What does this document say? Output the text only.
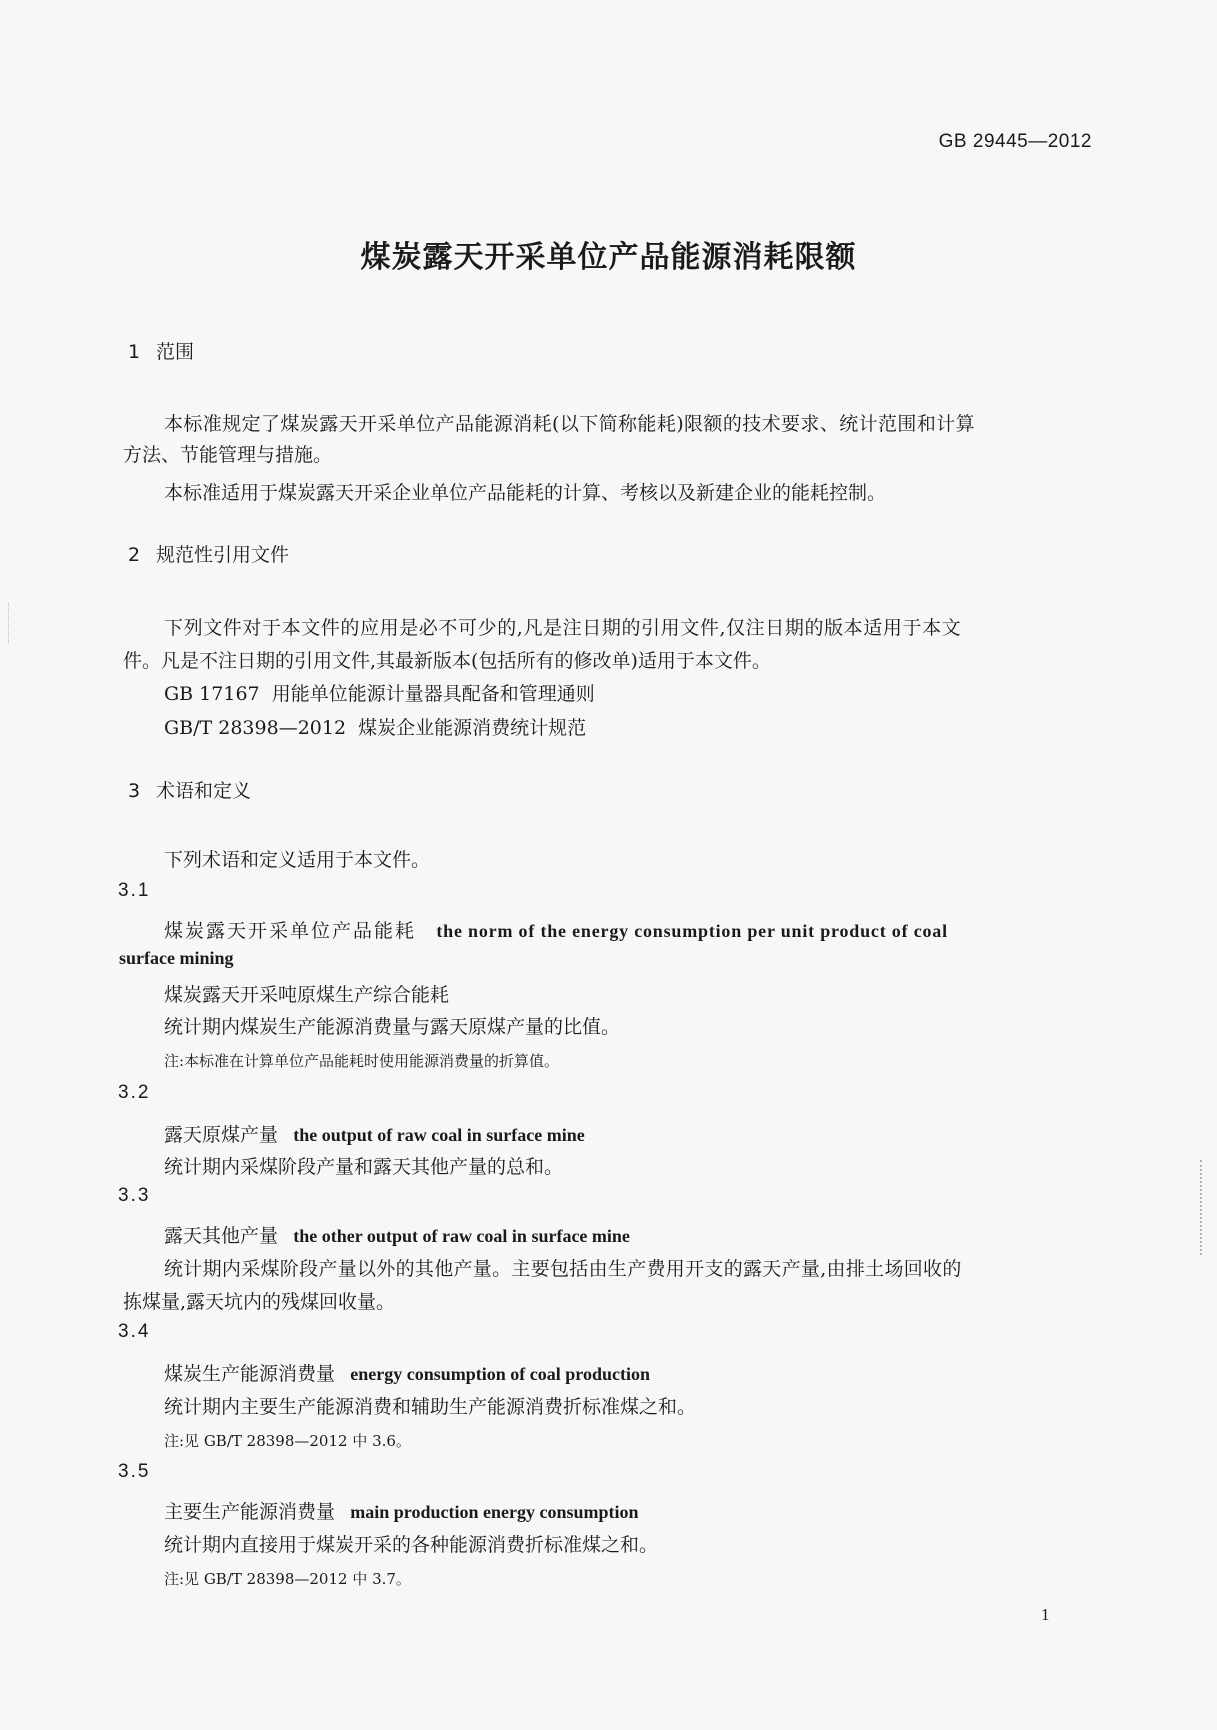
GB 29445—2012
煤炭露天开采单位产品能源消耗限额
1 范围
本标准规定了煤炭露天开采单位产品能源消耗(以下简称能耗)限额的技术要求、统计范围和计算
方法、节能管理与措施。
本标准适用于煤炭露天开采企业单位产品能耗的计算、考核以及新建企业的能耗控制。
2 规范性引用文件
下列文件对于本文件的应用是必不可少的,凡是注日期的引用文件,仅注日期的版本适用于本文
件。凡是不注日期的引用文件,其最新版本(包括所有的修改单)适用于本文件。
GB 17167 用能单位能源计量器具配备和管理通则
GB/T 28398—2012 煤炭企业能源消费统计规范
3 术语和定义
下列术语和定义适用于本文件。
3.1
煤炭露天开采单位产品能耗 the norm of the energy consumption per unit product of coal
surface mining
煤炭露天开采吨原煤生产综合能耗
统计期内煤炭生产能源消费量与露天原煤产量的比值。
注:本标准在计算单位产品能耗时使用能源消费量的折算值。
3.2
露天原煤产量 the output of raw coal in surface mine
统计期内采煤阶段产量和露天其他产量的总和。
3.3
露天其他产量 the other output of raw coal in surface mine
统计期内采煤阶段产量以外的其他产量。主要包括由生产费用开支的露天产量,由排土场回收的
拣煤量,露天坑内的残煤回收量。
3.4
煤炭生产能源消费量 energy consumption of coal production
统计期内主要生产能源消费和辅助生产能源消费折标准煤之和。
注:见 GB/T 28398—2012 中 3.6。
3.5
主要生产能源消费量 main production energy consumption
统计期内直接用于煤炭开采的各种能源消费折标准煤之和。
注:见 GB/T 28398—2012 中 3.7。
1
